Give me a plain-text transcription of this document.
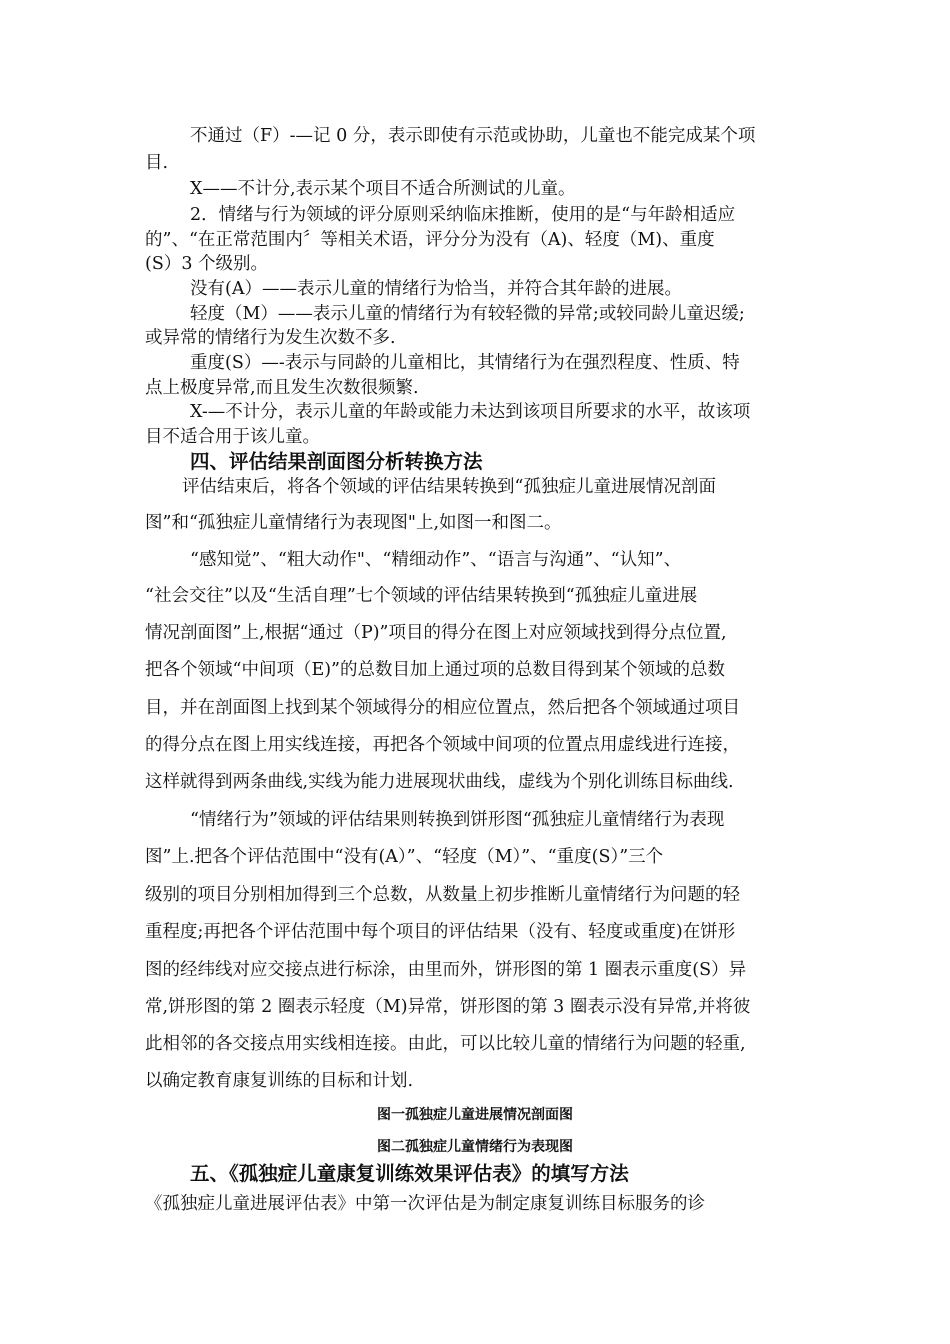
不通过（F）-—记 0 分，表示即使有示范或协助，儿童也不能完成某个项
目.
X——不计分,表示某个项目不适合所测试的儿童。
2．情绪与行为领域的评分原则采纳临床推断，使用的是“与年龄相适应
的”、“在正常范围内〞等相关术语，评分分为没有（A)、轻度（M)、重度
(S）3 个级别。
没有(A）——表示儿童的情绪行为恰当，并符合其年龄的进展。
轻度（M）——表示儿童的情绪行为有较轻微的异常;或较同龄儿童迟缓;
或异常的情绪行为发生次数不多.
重度(S）—-表示与同龄的儿童相比，其情绪行为在强烈程度、性质、特
点上极度异常,而且发生次数很频繁.
X-—不计分，表示儿童的年龄或能力未达到该项目所要求的水平，故该项
目不适合用于该儿童。
四、评估结果剖面图分析转换方法
评估结束后，将各个领域的评估结果转换到“孤独症儿童进展情况剖面
图”和“孤独症儿童情绪行为表现图"上,如图一和图二。
“感知觉”、“粗大动作"、“精细动作”、“语言与沟通”、“认知”、
“社会交往”以及“生活自理”七个领域的评估结果转换到“孤独症儿童进展
情况剖面图”上,根据“通过（P)”项目的得分在图上对应领域找到得分点位置,
把各个领域“中间项（E)”的总数目加上通过项的总数目得到某个领域的总数
目，并在剖面图上找到某个领域得分的相应位置点，然后把各个领域通过项目
的得分点在图上用实线连接，再把各个领域中间项的位置点用虚线进行连接，
这样就得到两条曲线,实线为能力进展现状曲线，虚线为个别化训练目标曲线.
“情绪行为”领域的评估结果则转换到饼形图“孤独症儿童情绪行为表现
图”上.把各个评估范围中“没有(A）”、“轻度（M）”、“重度(S）”三个
级别的项目分别相加得到三个总数，从数量上初步推断儿童情绪行为问题的轻
重程度;再把各个评估范围中每个项目的评估结果（没有、轻度或重度)在饼形
图的经纬线对应交接点进行标涂，由里而外，饼形图的第 1 圈表示重度(S）异
常,饼形图的第 2 圈表示轻度（M)异常，饼形图的第 3 圈表示没有异常,并将彼
此相邻的各交接点用实线相连接。由此，可以比较儿童的情绪行为问题的轻重,
以确定教育康复训练的目标和计划.
图一孤独症儿童进展情况剖面图
图二孤独症儿童情绪行为表现图
五、《孤独症儿童康复训练效果评估表》的填写方法
《孤独症儿童进展评估表》中第一次评估是为制定康复训练目标服务的诊
